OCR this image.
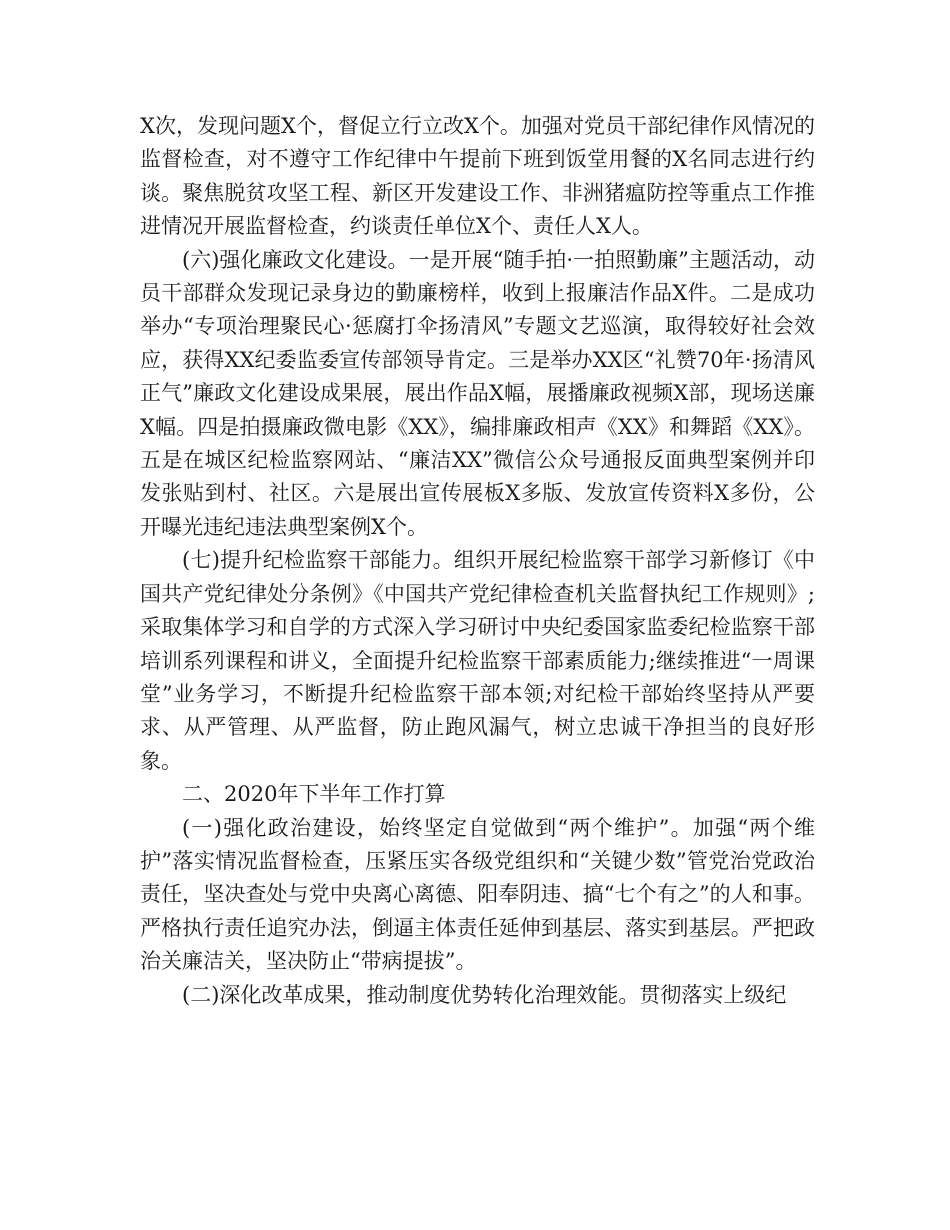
X次，发现问题X个，督促立行立改X个。加强对党员干部纪律作风情况的监督检查，对不遵守工作纪律中午提前下班到饭堂用餐的X名同志进行约谈。聚焦脱贫攻坚工程、新区开发建设工作、非洲猪瘟防控等重点工作推进情况开展监督检查，约谈责任单位X个、责任人X人。

(六)强化廉政文化建设。一是开展“随手拍·一拍照勤廉”主题活动，动员干部群众发现记录身边的勤廉榜样，收到上报廉洁作品X件。二是成功举办“专项治理聚民心·惩腐打伞扬清风”专题文艺巡演，取得较好社会效应，获得XX纪委监委宣传部领导肯定。三是举办XX区“礼赞70年·扬清风正气”廉政文化建设成果展，展出作品X幅，展播廉政视频X部，现场送廉X幅。四是拍摄廉政微电影《XX》，编排廉政相声《XX》和舞蹈《XX》。五是在城区纪检监察网站、“廉洁XX”微信公众号通报反面典型案例并印发张贴到村、社区。六是展出宣传展板X多版、发放宣传资料X多份，公开曝光违纪违法典型案例X个。

(七)提升纪检监察干部能力。组织开展纪检监察干部学习新修订《中国共产党纪律处分条例》《中国共产党纪律检查机关监督执纪工作规则》;采取集体学习和自学的方式深入学习研讨中央纪委国家监委纪检监察干部培训系列课程和讲义，全面提升纪检监察干部素质能力;继续推进“一周课堂”业务学习，不断提升纪检监察干部本领;对纪检干部始终坚持从严要求、从严管理、从严监督，防止跑风漏气，树立忠诚干净担当的良好形象。

二、2020年下半年工作打算

(一)强化政治建设，始终坚定自觉做到“两个维护”。加强“两个维护”落实情况监督检查，压紧压实各级党组织和“关键少数”管党治党政治责任，坚决查处与党中央离心离德、阳奉阴违、搞“七个有之”的人和事。严格执行责任追究办法，倒逼主体责任延伸到基层、落实到基层。严把政治关廉洁关，坚决防止“带病提拔”。

(二)深化改革成果，推动制度优势转化治理效能。贯彻落实上级纪
